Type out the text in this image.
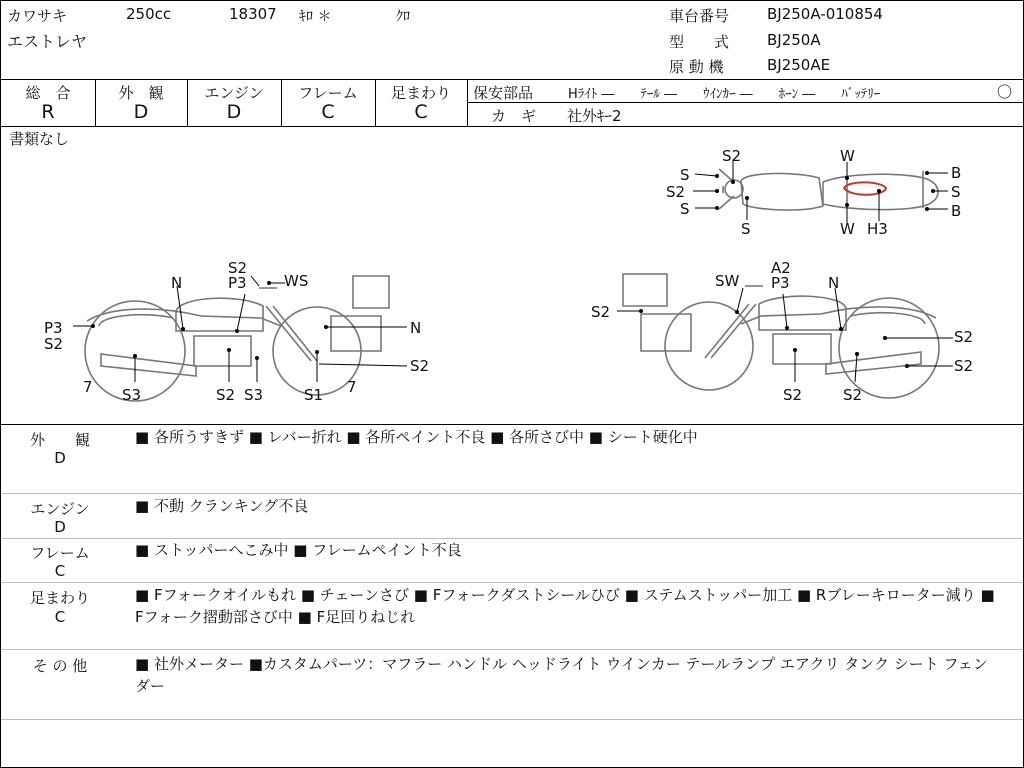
カワサキ	250cc	18307 ｷﾛ ＊	ｸﾛ
エストレヤ
車台番号	BJ250A-010854
型　　式	BJ250A
原 動 機	BJ250AE
総　合
R
外　観
D
エンジン
D
フレーム
C
足まわり
C
保安部品	Hﾗｲﾄ ―　　ﾃｰﾙ ―　　ｳｲﾝｶｰ ―　　ﾎｰﾝ ―　　ﾊﾞｯﾃﾘｰ	〇
カ　ギ 社外ｷｰ2
書類なし
S2
S
S2
S
S
W
W H3
B
S
B
S2
P3 WS
N
P3
S2
N
S2
7 S3	S2 S3	S1 7
SW
A2
P3	N
S2
S2
S2
S2	S2
外　　観
D
■ 各所うすきず ■ レバー折れ ■ 各所ペイント不良 ■ 各所さび中 ■ シート硬化中
エンジン
D
■ 不動 クランキング不良
フレーム
C
■ ストッパーへこみ中 ■ フレームペイント不良
足まわり
C
■ Fフォークオイルもれ ■ チェーンさび ■ Fフォークダストシールひび ■ ステムストッパー加工 ■ Rブレーキローター減り ■ Fフォーク摺動部さび中 ■ F足回りねじれ
そ の 他	■ 社外メーター ■カスタムパーツ：マフラー ハンドル ヘッドライト ウインカー テールランプ エアクリ タンク シート フェンダー
